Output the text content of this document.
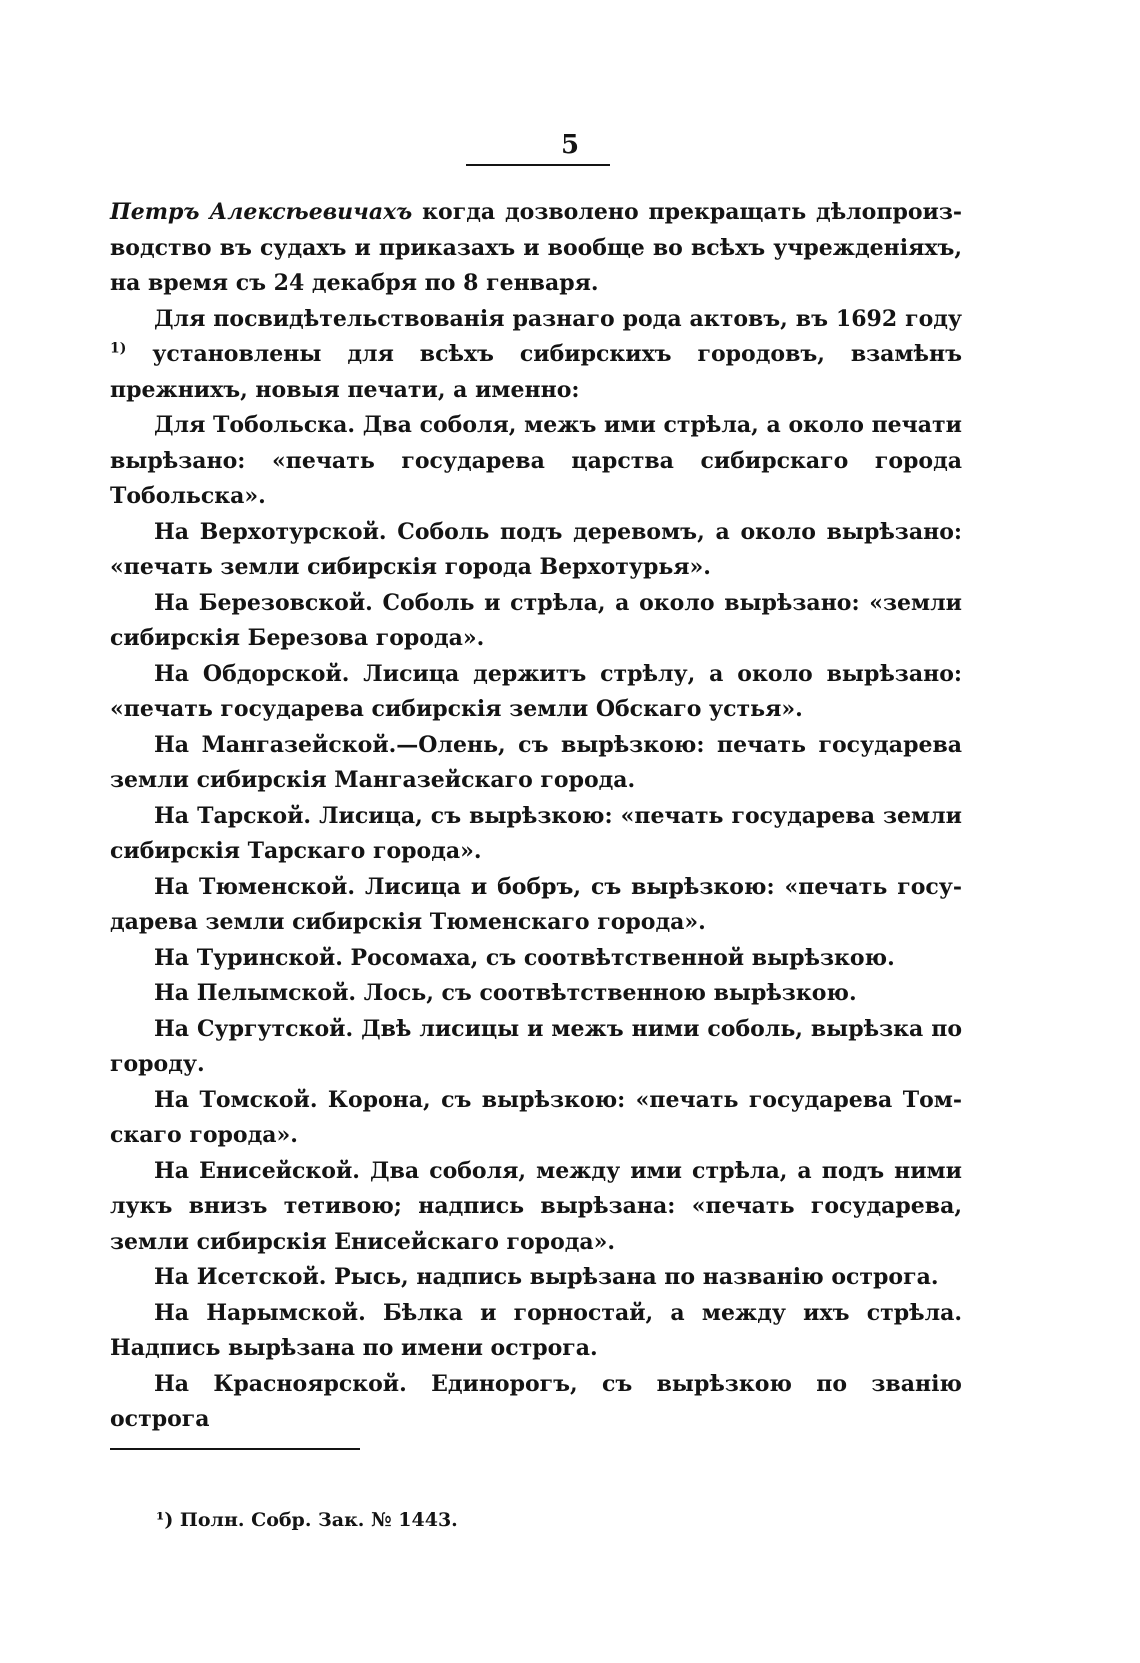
5

Петръ Алексѣевичахъ когда дозволено прекращать дѣлопроизводство въ судахъ и приказахъ и вообще во всѣхъ учрежденіяхъ, на время съ 24 декабря по 8 генваря.

Для посвидѣтельствованія разнаго рода актовъ, въ 1692 году $^{1)}$ установлены для всѣхъ сибирскихъ городовъ, взамѣнъ прежнихъ, новыя печати, а именно:

Для Тобольска. Два соболя, межъ ими стрѣла, а около печати вырѣзано: «печать государева царства сибирскаго города Тобольска».

На Верхотурской. Соболь подъ деревомъ, а около вырѣзано: «печать земли сибирскія города Верхотурья».

На Березовской. Соболь и стрѣла, а около вырѣзано: «земли сибирскія Березова города».

На Обдорской. Лисица держитъ стрѣлу, а около вырѣзано: «печать государева сибирскія земли Обскаго устья».

На Мангазейской.—Олень, съ вырѣзкою: печать государева земли сибирскія Мангазейскаго города.

На Тарской. Лисица, съ вырѣзкою: «печать государева земли сибирскія Тарскаго города».

На Тюменской. Лисица и бобръ, съ вырѣзкою: «печать государева земли сибирскія Тюменскаго города».

На Туринской. Росомаха, съ соотвѣтственной вырѣзкою.

На Пелымской. Лось, съ соотвѣтственною вырѣзкою.

На Сургутской. Двѣ лисицы и межъ ними соболь, вырѣзка по городу.

На Томской. Корона, съ вырѣзкою: «печать государева Томскаго города».

На Енисейской. Два соболя, между ими стрѣла, а подъ ними лукъ внизъ тетивою; надпись вырѣзана: «печать государева, земли сибирскія Енисейскаго города».

На Исетской. Рысь, надпись вырѣзана по названію острога.

На Нарымской. Бѣлка и горностай, а между ихъ стрѣла. Надпись вырѣзана по имени острога.

На Красноярской. Единорогъ, съ вырѣзкою по званію острога

¹) Полн. Собр. Зак. № 1443.
